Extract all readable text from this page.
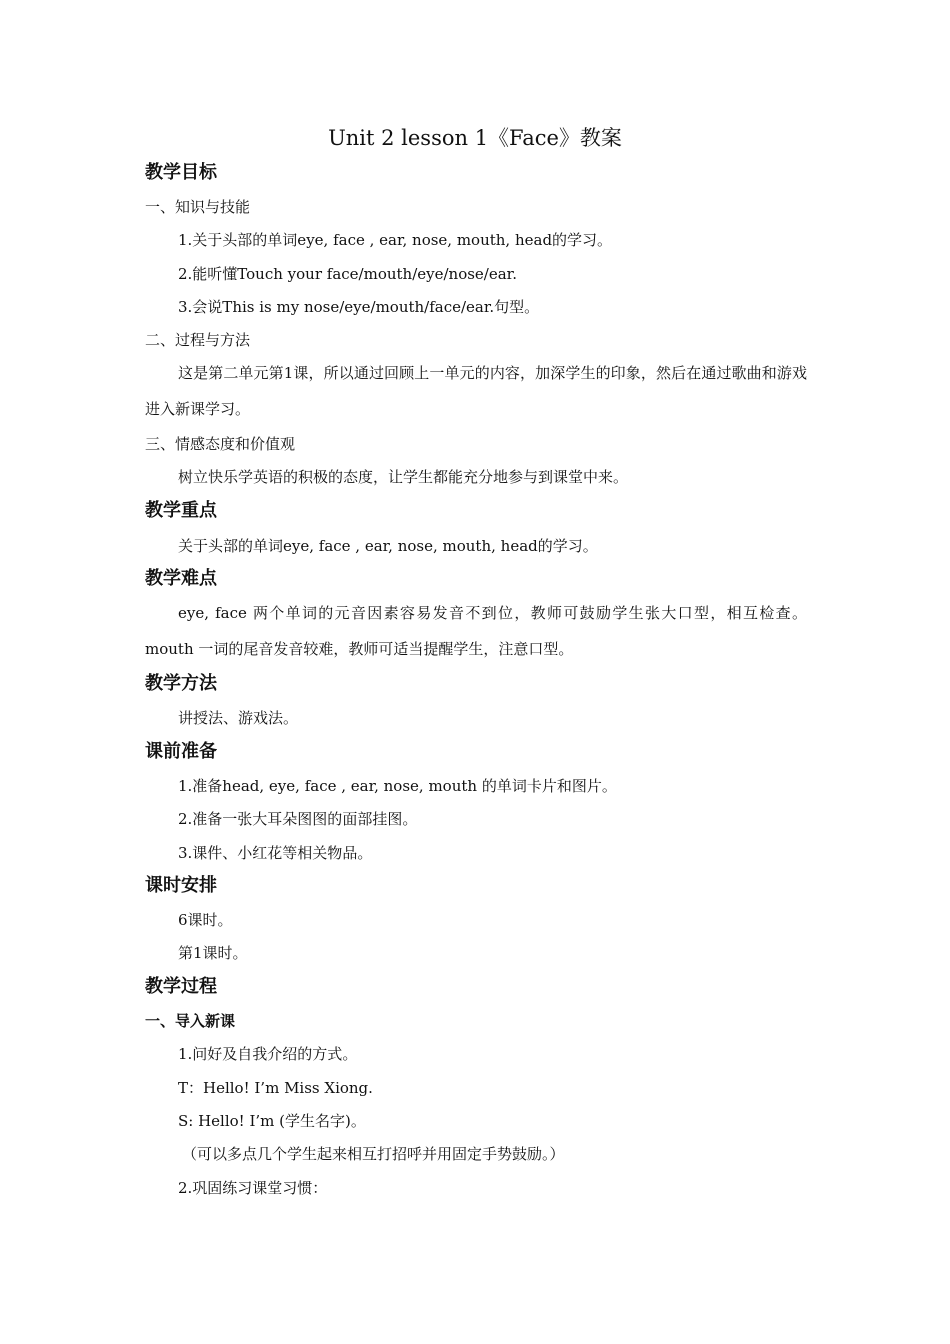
Unit 2 lesson 1《Face》教案
教学目标
一、知识与技能
1.关于头部的单词eye, face , ear, nose, mouth, head的学习。
2.能听懂Touch your face/mouth/eye/nose/ear.
3.会说This is my nose/eye/mouth/face/ear.句型。
二、过程与方法
这是第二单元第1课，所以通过回顾上一单元的内容，加深学生的印象，然后在通过歌曲和游戏进入新课学习。
三、情感态度和价值观
树立快乐学英语的积极的态度，让学生都能充分地参与到课堂中来。
教学重点
关于头部的单词eye, face , ear, nose, mouth, head的学习。
教学难点
eye, face 两个单词的元音因素容易发音不到位，教师可鼓励学生张大口型，相互检查。mouth 一词的尾音发音较难，教师可适当提醒学生，注意口型。
教学方法
讲授法、游戏法。
课前准备
1.准备head, eye, face , ear, nose, mouth 的单词卡片和图片。
2.准备一张大耳朵图图的面部挂图。
3.课件、小红花等相关物品。
课时安排
6课时。
第1课时。
教学过程
一、导入新课
1.问好及自我介绍的方式。
T：Hello! I’m Miss Xiong.
S: Hello! I’m (学生名字)。
（可以多点几个学生起来相互打招呼并用固定手势鼓励。）
2.巩固练习课堂习惯：
